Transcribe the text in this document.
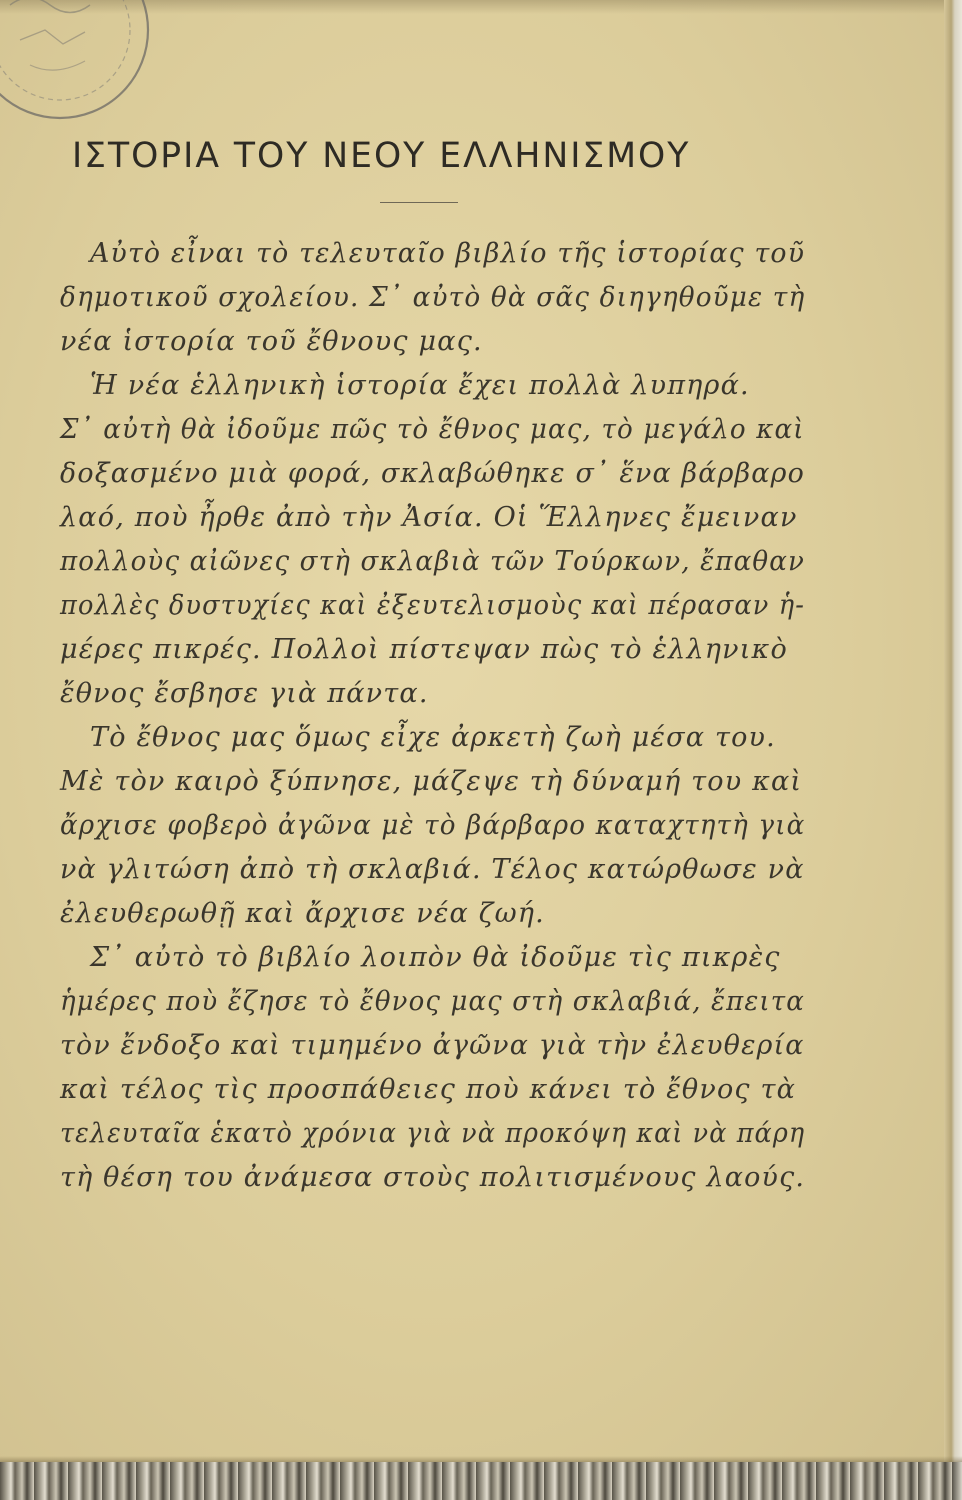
ΙΣΤΟΡΙΑ ΤΟΥ ΝΕΟΥ ΕΛΛΗΝΙΣΜΟΥ
Αὐτὸ εἶναι τὸ τελευταῖο βιβλίο τῆς ἱστορίας τοῦ
δημοτικοῦ σχολείου. Σ᾿ αὐτὸ θὰ σᾶς διηγηθοῦμε τὴ
νέα ἱστορία τοῦ ἔθνους μας.
Ἡ νέα ἑλληνικὴ ἱστορία ἔχει πολλὰ λυπηρά.
Σ᾿ αὐτὴ θὰ ἰδοῦμε πῶς τὸ ἔθνος μας, τὸ μεγάλο καὶ
δοξασμένο μιὰ φορά, σκλαβώθηκε σ᾿ ἕνα βάρβαρο
λαό, ποὺ ἦρθε ἀπὸ τὴν Ἀσία. Οἱ Ἕλληνες ἔμειναν
πολλοὺς αἰῶνες στὴ σκλαβιὰ τῶν Τούρκων, ἔπαθαν
πολλὲς δυστυχίες καὶ ἐξευτελισμοὺς καὶ πέρασαν ἡ-
μέρες πικρές. Πολλοὶ πίστεψαν πὼς τὸ ἑλληνικὸ
ἔθνος ἔσβησε γιὰ πάντα.
Τὸ ἔθνος μας ὅμως εἶχε ἀρκετὴ ζωὴ μέσα του.
Μὲ τὸν καιρὸ ξύπνησε, μάζεψε τὴ δύναμή του καὶ
ἄρχισε φοβερὸ ἀγῶνα μὲ τὸ βάρβαρο καταχτητὴ γιὰ
νὰ γλιτώση ἀπὸ τὴ σκλαβιά. Τέλος κατώρθωσε νὰ
ἐλευθερωθῇ καὶ ἄρχισε νέα ζωή.
Σ᾿ αὐτὸ τὸ βιβλίο λοιπὸν θὰ ἰδοῦμε τὶς πικρὲς
ἡμέρες ποὺ ἔζησε τὸ ἔθνος μας στὴ σκλαβιά, ἔπειτα
τὸν ἔνδοξο καὶ τιμημένο ἀγῶνα γιὰ τὴν ἐλευθερία
καὶ τέλος τὶς προσπάθειες ποὺ κάνει τὸ ἔθνος τὰ
τελευταῖα ἑκατὸ χρόνια γιὰ νὰ προκόψη καὶ νὰ πάρη
τὴ θέση του ἀνάμεσα στοὺς πολιτισμένους λαούς.
